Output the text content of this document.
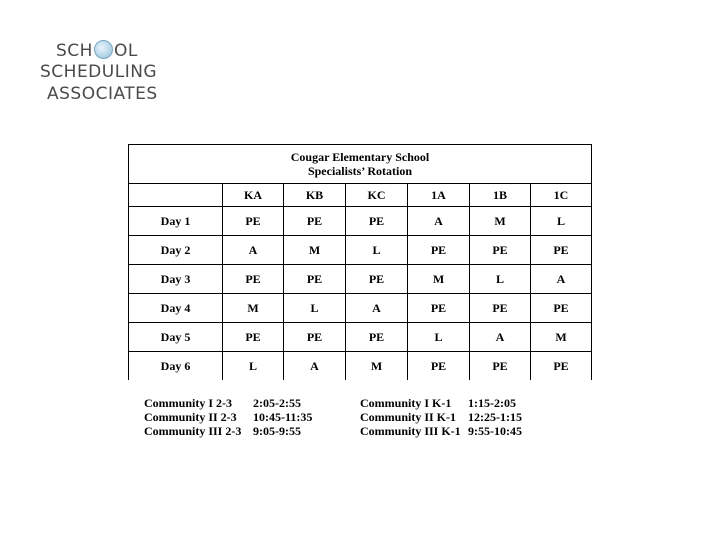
SCH OL
SCHEDULING
ASSOCIATES
Cougar Elementary School
Specialists’ Rotation						

	KA	KB	KC	1A	1B	1C
Day 1	PE	PE	PE	A	M	L
Day 2	A	M	L	PE	PE	PE
Day 3	PE	PE	PE	M	L	A
Day 4	M	L	A	PE	PE	PE
Day 5	PE	PE	PE	L	A	M
Day 6	L	A	M	PE	PE	PE
Community I 2-3 2:05-2:55
Community II 2-3 10:45-11:35
Community III 2-3 9:05-9:55
Community I K-1 1:15-2:05
Community II K-1 12:25-1:15
Community III K-1 9:55-10:45
